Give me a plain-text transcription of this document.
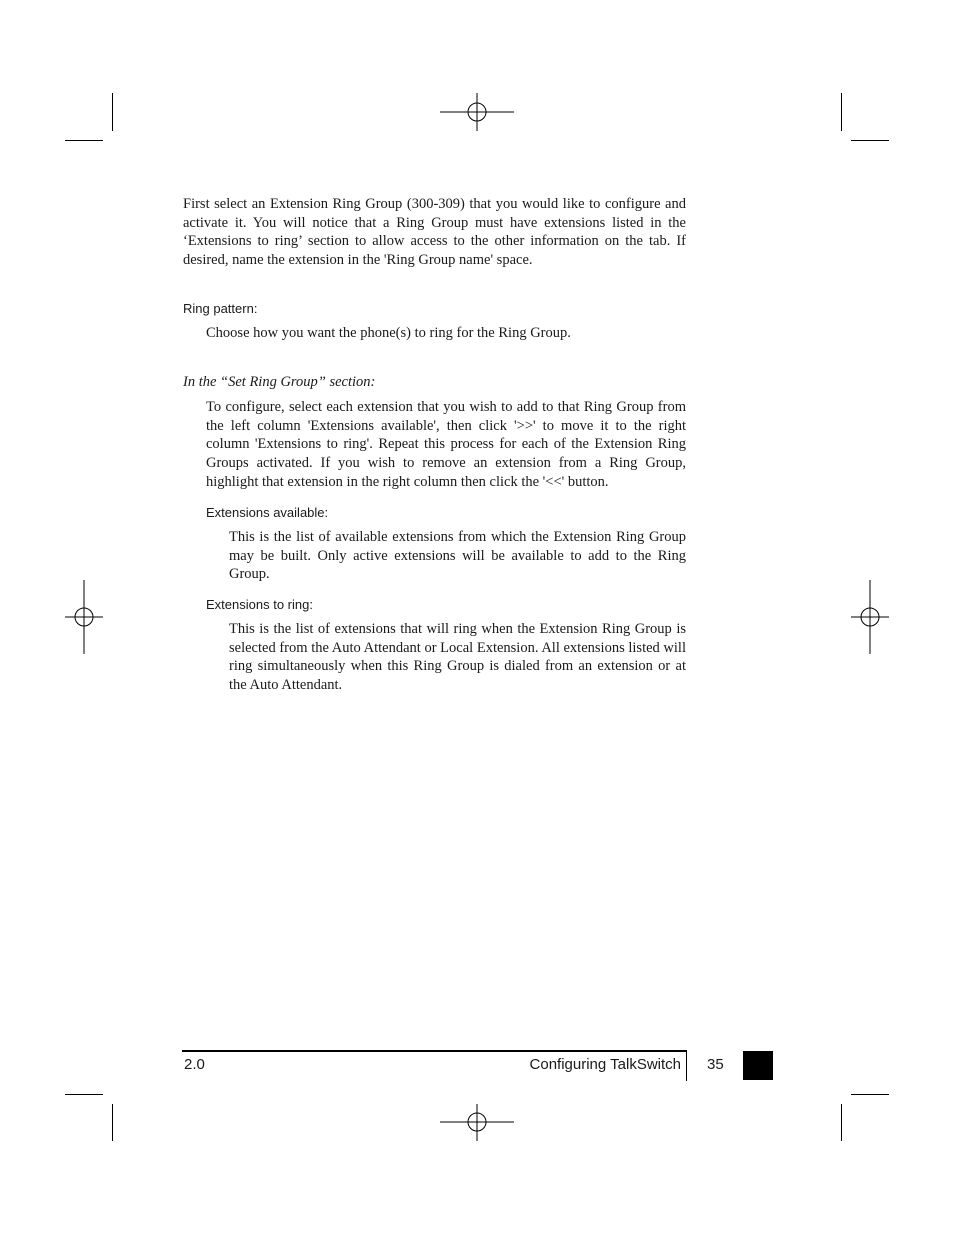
First select an Extension Ring Group (300-309) that you would like to configure and activate it. You will notice that a Ring Group must have extensions listed in the ‘Extensions to ring’ section to allow access to the other information on the tab. If desired, name the extension in the 'Ring Group name' space.

Ring pattern:

Choose how you want the phone(s) to ring for the Ring Group.

In the “Set Ring Group” section:

To configure, select each extension that you wish to add to that Ring Group from the left column 'Extensions available', then click '>>' to move it to the right column 'Extensions to ring'. Repeat this process for each of the Extension Ring Groups activated. If you wish to remove an extension from a Ring Group, highlight that extension in the right column then click the '<<' button.

Extensions available:

This is the list of available extensions from which the Extension Ring Group may be built. Only active extensions will be available to add to the Ring Group.

Extensions to ring:

This is the list of extensions that will ring when the Extension Ring Group is selected from the Auto Attendant or Local Extension. All extensions listed will ring simultaneously when this Ring Group is dialed from an extension or at the Auto Attendant.

2.0	Configuring TalkSwitch 35
